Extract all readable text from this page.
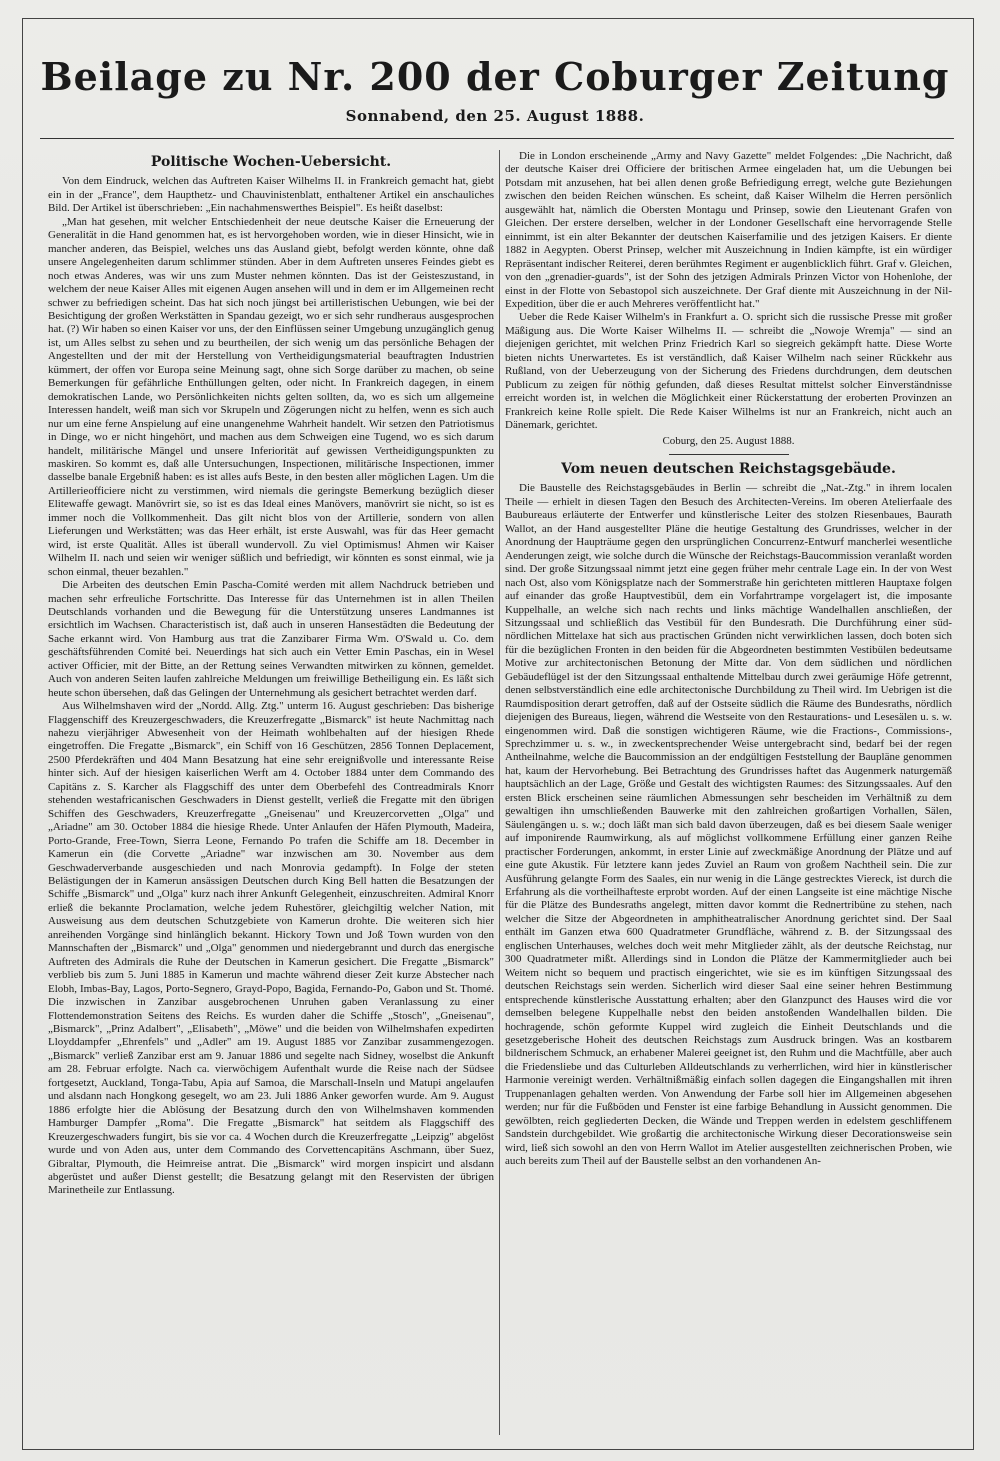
Beilage zu Nr. 200 der Coburger Zeitung
Sonnabend, den 25. August 1888.
Politische Wochen-Uebersicht.

Von dem Eindruck, welchen das Auftreten Kaiser Wilhelms II. in Frankreich gemacht hat, giebt ein in der „France", dem Haupthetz- und Chauvinistenblatt, enthaltener Artikel ein anschauliches Bild. Der Artikel ist überschrieben: „Ein nachahmenswerthes Beispiel". Es heißt daselbst:

„Man hat gesehen, mit welcher Entschiedenheit der neue deutsche Kaiser die Erneuerung der Generalität in die Hand genommen hat, es ist hervorgehoben worden, wie in dieser Hinsicht, wie in mancher anderen, das Beispiel, welches uns das Ausland giebt, befolgt werden könnte, ohne daß unsere Angelegenheiten darum schlimmer stünden. Aber in dem Auftreten unseres Feindes giebt es noch etwas Anderes, was wir uns zum Muster nehmen könnten. Das ist der Geisteszustand, in welchem der neue Kaiser Alles mit eigenen Augen ansehen will und in dem er im Allgemeinen recht schwer zu befriedigen scheint. Das hat sich noch jüngst bei artilleristischen Uebungen, wie bei der Besichtigung der großen Werkstätten in Spandau gezeigt, wo er sich sehr rundheraus ausgesprochen hat. (?) Wir haben so einen Kaiser vor uns, der den Einflüssen seiner Umgebung unzugänglich genug ist, um Alles selbst zu sehen und zu beurtheilen, der sich wenig um das persönliche Behagen der Angestellten und der mit der Herstellung von Vertheidigungsmaterial beauftragten Industrien kümmert, der offen vor Europa seine Meinung sagt, ohne sich Sorge darüber zu machen, ob seine Bemerkungen für gefährliche Enthüllungen gelten, oder nicht. In Frankreich dagegen, in einem demokratischen Lande, wo Persönlichkeiten nichts gelten sollten, da, wo es sich um allgemeine Interessen handelt, weiß man sich vor Skrupeln und Zögerungen nicht zu helfen, wenn es sich auch nur um eine ferne Anspielung auf eine unangenehme Wahrheit handelt. Wir setzen den Patriotismus in Dinge, wo er nicht hingehört, und machen aus dem Schweigen eine Tugend, wo es sich darum handelt, militärische Mängel und unsere Inferiorität auf gewissen Vertheidigungspunkten zu maskiren. So kommt es, daß alle Untersuchungen, Inspectionen, militärische Inspectionen, immer dasselbe banale Ergebniß haben: es ist alles aufs Beste, in den besten aller möglichen Lagen. Um die Artillerieofficiere nicht zu verstimmen, wird niemals die geringste Bemerkung bezüglich dieser Elitewaffe gewagt. Manövrirt sie, so ist es das Ideal eines Manövers, manövrirt sie nicht, so ist es immer noch die Vollkommenheit. Das gilt nicht blos von der Artillerie, sondern von allen Lieferungen und Werkstätten; was das Heer erhält, ist erste Auswahl, was für das Heer gemacht wird, ist erste Qualität. Alles ist überall wundervoll. Zu viel Optimismus! Ahmen wir Kaiser Wilhelm II. nach und seien wir weniger süßlich und befriedigt, wir könnten es sonst einmal, wie ja schon einmal, theuer bezahlen."

Die Arbeiten des deutschen Emin Pascha-Comité werden mit allem Nachdruck betrieben und machen sehr erfreuliche Fortschritte. Das Interesse für das Unternehmen ist in allen Theilen Deutschlands vorhanden und die Bewegung für die Unterstützung unseres Landmannes ist ersichtlich im Wachsen. Characteristisch ist, daß auch in unseren Hansestädten die Bedeutung der Sache erkannt wird. Von Hamburg aus trat die Zanzibarer Firma Wm. O'Swald u. Co. dem geschäftsführenden Comité bei. Neuerdings hat sich auch ein Vetter Emin Paschas, ein in Wesel activer Officier, mit der Bitte, an der Rettung seines Verwandten mitwirken zu können, gemeldet. Auch von anderen Seiten laufen zahlreiche Meldungen um freiwillige Betheiligung ein. Es läßt sich heute schon übersehen, daß das Gelingen der Unternehmung als gesichert betrachtet werden darf.

Aus Wilhelmshaven wird der „Nordd. Allg. Ztg." unterm 16. August geschrieben: Das bisherige Flaggenschiff des Kreuzergeschwaders, die Kreuzerfregatte „Bismarck" ist heute Nachmittag nach nahezu vierjähriger Abwesenheit von der Heimath wohlbehalten auf der hiesigen Rhede eingetroffen. Die Fregatte „Bismarck", ein Schiff von 16 Geschützen, 2856 Tonnen Deplacement, 2500 Pferdekräften und 404 Mann Besatzung hat eine sehr ereignißvolle und interessante Reise hinter sich. Auf der hiesigen kaiserlichen Werft am 4. October 1884 unter dem Commando des Capitäns z. S. Karcher als Flaggschiff des unter dem Oberbefehl des Contreadmirals Knorr stehenden westafricanischen Geschwaders in Dienst gestellt, verließ die Fregatte mit den übrigen Schiffen des Geschwaders, Kreuzerfregatte „Gneisenau" und Kreuzercorvetten „Olga" und „Ariadne" am 30. October 1884 die hiesige Rhede. Unter Anlaufen der Häfen Plymouth, Madeira, Porto-Grande, Free-Town, Sierra Leone, Fernando Po trafen die Schiffe am 18. December in Kamerun ein (die Corvette „Ariadne" war inzwischen am 30. November aus dem Geschwaderverbande ausgeschieden und nach Monrovia gedampft). In Folge der steten Belästigungen der in Kamerun ansässigen Deutschen durch King Bell hatten die Besatzungen der Schiffe „Bismarck" und „Olga" kurz nach ihrer Ankunft Gelegenheit, einzuschreiten. Admiral Knorr erließ die bekannte Proclamation, welche jedem Ruhestörer, gleichgiltig welcher Nation, mit Ausweisung aus dem deutschen Schutzgebiete von Kamerun drohte. Die weiteren sich hier anreihenden Vorgänge sind hinlänglich bekannt. Hickory Town und Joß Town wurden von den Mannschaften der „Bismarck" und „Olga" genommen und niedergebrannt und durch das energische Auftreten des Admirals die Ruhe der Deutschen in Kamerun gesichert. Die Fregatte „Bismarck" verblieb bis zum 5. Juni 1885 in Kamerun und machte während dieser Zeit kurze Abstecher nach Elobh, Imbas-Bay, Lagos, Porto-Segnero, Grayd-Popo, Bagida, Fernando-Po, Gabon und St. Thomé. Die inzwischen in Zanzibar ausgebrochenen Unruhen gaben Veranlassung zu einer Flottendemonstration Seitens des Reichs. Es wurden daher die Schiffe „Stosch", „Gneisenau", „Bismarck", „Prinz Adalbert", „Elisabeth", „Möwe" und die beiden von Wilhelmshafen expedirten Lloyddampfer „Ehrenfels" und „Adler" am 19. August 1885 vor Zanzibar zusammengezogen. „Bismarck" verließ Zanzibar erst am 9. Januar 1886 und segelte nach Sidney, woselbst die Ankunft am 28. Februar erfolgte. Nach ca. vierwöchigem Aufenthalt wurde die Reise nach der Südsee fortgesetzt, Auckland, Tonga-Tabu, Apia auf Samoa, die Marschall-Inseln und Matupi angelaufen und alsdann nach Hongkong gesegelt, wo am 23. Juli 1886 Anker geworfen wurde. Am 9. August 1886 erfolgte hier die Ablösung der Besatzung durch den von Wilhelmshaven kommenden Hamburger Dampfer „Roma". Die Fregatte „Bismarck" hat seitdem als Flaggschiff des Kreuzergeschwaders fungirt, bis sie vor ca. 4 Wochen durch die Kreuzerfregatte „Leipzig" abgelöst wurde und von Aden aus, unter dem Commando des Corvettencapitäns Aschmann, über Suez, Gibraltar, Plymouth, die Heimreise antrat. Die „Bismarck" wird morgen inspicirt und alsdann abgerüstet und außer Dienst gestellt; die Besatzung gelangt mit den Reservisten der übrigen Marinetheile zur Entlassung.

Die in London erscheinende „Army and Navy Gazette" meldet Folgendes: „Die Nachricht, daß der deutsche Kaiser drei Officiere der britischen Armee eingeladen hat, um die Uebungen bei Potsdam mit anzusehen, hat bei allen denen große Befriedigung erregt, welche gute Beziehungen zwischen den beiden Reichen wünschen. Es scheint, daß Kaiser Wilhelm die Herren persönlich ausgewählt hat, nämlich die Obersten Montagu und Prinsep, sowie den Lieutenant Grafen von Gleichen. Der erstere derselben, welcher in der Londoner Gesellschaft eine hervorragende Stelle einnimmt, ist ein alter Bekannter der deutschen Kaiserfamilie und des jetzigen Kaisers. Er diente 1882 in Aegypten. Oberst Prinsep, welcher mit Auszeichnung in Indien kämpfte, ist ein würdiger Repräsentant indischer Reiterei, deren berühmtes Regiment er augenblicklich führt. Graf v. Gleichen, von den „grenadier-guards", ist der Sohn des jetzigen Admirals Prinzen Victor von Hohenlohe, der einst in der Flotte von Sebastopol sich auszeichnete. Der Graf diente mit Auszeichnung in der Nil-Expedition, über die er auch Mehreres veröffentlicht hat."

Ueber die Rede Kaiser Wilhelm's in Frankfurt a. O. spricht sich die russische Presse mit großer Mäßigung aus. Die Worte Kaiser Wilhelms II. — schreibt die „Nowoje Wremja" — sind an diejenigen gerichtet, mit welchen Prinz Friedrich Karl so siegreich gekämpft hatte. Diese Worte bieten nichts Unerwartetes. Es ist verständlich, daß Kaiser Wilhelm nach seiner Rückkehr aus Rußland, von der Ueberzeugung von der Sicherung des Friedens durchdrungen, dem deutschen Publicum zu zeigen für nöthig gefunden, daß dieses Resultat mittelst solcher Einverständnisse erreicht worden ist, in welchen die Möglichkeit einer Rückerstattung der eroberten Provinzen an Frankreich keine Rolle spielt. Die Rede Kaiser Wilhelms ist nur an Frankreich, nicht auch an Dänemark, gerichtet.

Coburg, den 25. August 1888.
Vom neuen deutschen Reichstagsgebäude.

Die Baustelle des Reichstagsgebäudes in Berlin — schreibt die „Nat.-Ztg." in ihrem localen Theile — erhielt in diesen Tagen den Besuch des Architecten-Vereins. Im oberen Atelierfaale des Baubureaus erläuterte der Entwerfer und künstlerische Leiter des stolzen Riesenbaues, Baurath Wallot, an der Hand ausgestellter Pläne die heutige Gestaltung des Grundrisses, welcher in der Anordnung der Haupträume gegen den ursprünglichen Concurrenz-Entwurf mancherlei wesentliche Aenderungen zeigt, wie solche durch die Wünsche der Reichstags-Baucommission veranlaßt worden sind. Der große Sitzungssaal nimmt jetzt eine gegen früher mehr centrale Lage ein. In der von West nach Ost, also vom Königsplatze nach der Sommerstraße hin gerichteten mittleren Hauptaxe folgen auf einander das große Hauptvestibül, dem ein Vorfahrtrampe vorgelagert ist, die imposante Kuppelhalle, an welche sich nach rechts und links mächtige Wandelhallen anschließen, der Sitzungssaal und schließlich das Vestibül für den Bundesrath. Die Durchführung einer süd-nördlichen Mittelaxe hat sich aus practischen Gründen nicht verwirklichen lassen, doch boten sich für die bezüglichen Fronten in den beiden für die Abgeordneten bestimmten Vestibülen bedeutsame Motive zur architectonischen Betonung der Mitte dar. Von dem südlichen und nördlichen Gebäudeflügel ist der den Sitzungssaal enthaltende Mittelbau durch zwei geräumige Höfe getrennt, denen selbstverständlich eine edle architectonische Durchbildung zu Theil wird. Im Uebrigen ist die Raumdisposition derart getroffen, daß auf der Ostseite südlich die Räume des Bundesraths, nördlich diejenigen des Bureaus, liegen, während die Westseite von den Restaurations- und Lesesälen u. s. w. eingenommen wird. Daß die sonstigen wichtigeren Räume, wie die Fractions-, Commissions-, Sprechzimmer u. s. w., in zweckentsprechender Weise untergebracht sind, bedarf bei der regen Antheilnahme, welche die Baucommission an der endgültigen Feststellung der Baupläne genommen hat, kaum der Hervorhebung. Bei Betrachtung des Grundrisses haftet das Augenmerk naturgemäß hauptsächlich an der Lage, Größe und Gestalt des wichtigsten Raumes: des Sitzungssaales. Auf den ersten Blick erscheinen seine räumlichen Abmessungen sehr bescheiden im Verhältniß zu dem gewaltigen ihn umschließenden Bauwerke mit den zahlreichen großartigen Vorhallen, Sälen, Säulengängen u. s. w.; doch läßt man sich bald davon überzeugen, daß es bei diesem Saale weniger auf imponirende Raumwirkung, als auf möglichst vollkommene Erfüllung einer ganzen Reihe practischer Forderungen, ankommt, in erster Linie auf zweckmäßige Anordnung der Plätze und auf eine gute Akustik. Für letztere kann jedes Zuviel an Raum von großem Nachtheil sein. Die zur Ausführung gelangte Form des Saales, ein nur wenig in die Länge gestrecktes Viereck, ist durch die Erfahrung als die vortheilhafteste erprobt worden. Auf der einen Langseite ist eine mächtige Nische für die Plätze des Bundesraths angelegt, mitten davor kommt die Rednertribüne zu stehen, nach welcher die Sitze der Abgeordneten in amphitheatralischer Anordnung gerichtet sind. Der Saal enthält im Ganzen etwa 600 Quadratmeter Grundfläche, während z. B. der Sitzungssaal des englischen Unterhauses, welches doch weit mehr Mitglieder zählt, als der deutsche Reichstag, nur 300 Quadratmeter mißt. Allerdings sind in London die Plätze der Kammermitglieder auch bei Weitem nicht so bequem und practisch eingerichtet, wie sie es im künftigen Sitzungssaal des deutschen Reichstags sein werden. Sicherlich wird dieser Saal eine seiner hehren Bestimmung entsprechende künstlerische Ausstattung erhalten; aber den Glanzpunct des Hauses wird die vor demselben belegene Kuppelhalle nebst den beiden anstoßenden Wandelhallen bilden. Die hochragende, schön geformte Kuppel wird zugleich die Einheit Deutschlands und die gesetzgeberische Hoheit des deutschen Reichstags zum Ausdruck bringen. Was an kostbarem bildnerischem Schmuck, an erhabener Malerei geeignet ist, den Ruhm und die Machtfülle, aber auch die Friedensliebe und das Culturleben Alldeutschlands zu verherrlichen, wird hier in künstlerischer Harmonie vereinigt werden. Verhältnißmäßig einfach sollen dagegen die Eingangshallen mit ihren Truppenanlagen gehalten werden. Von Anwendung der Farbe soll hier im Allgemeinen abgesehen werden; nur für die Fußböden und Fenster ist eine farbige Behandlung in Aussicht genommen. Die gewölbten, reich gegliederten Decken, die Wände und Treppen werden in edelstem geschliffenem Sandstein durchgebildet. Wie großartig die architectonische Wirkung dieser Decorationsweise sein wird, ließ sich sowohl an den von Herrn Wallot im Atelier ausgestellten zeichnerischen Proben, wie auch bereits zum Theil auf der Baustelle selbst an den vorhandenen An-
